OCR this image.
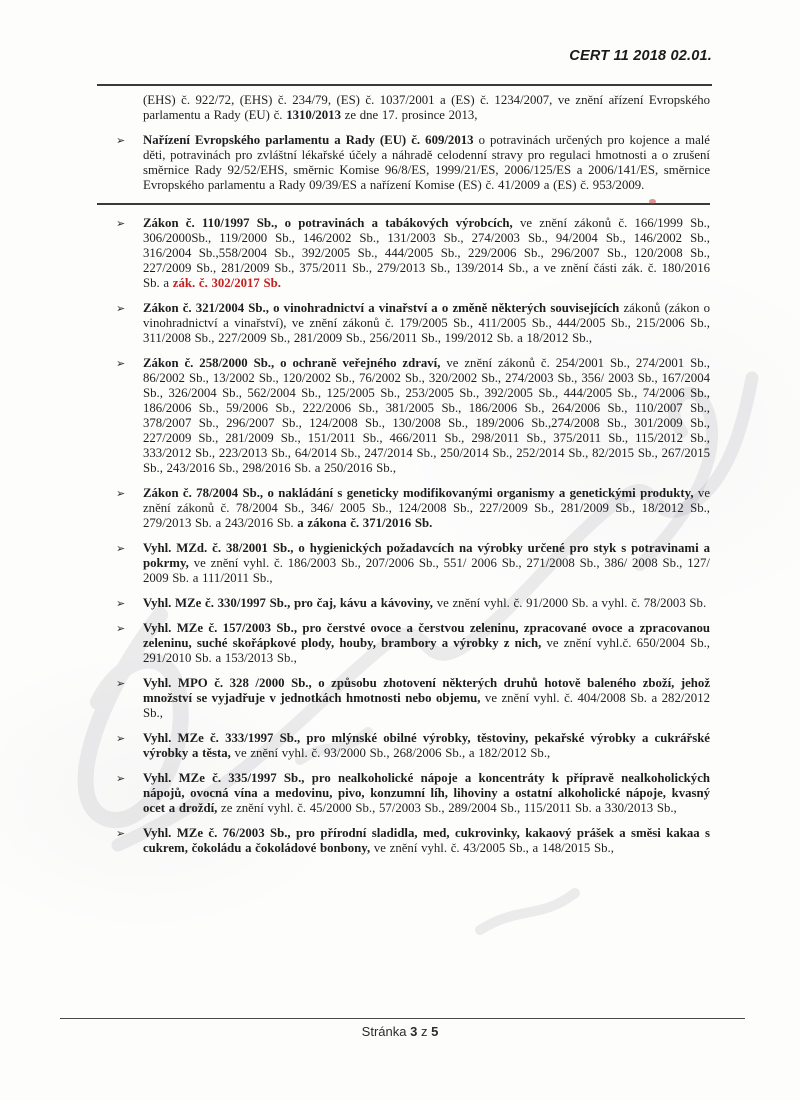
CERT 11 2018 02.01.
(EHS) č. 922/72, (EHS) č. 234/79, (ES) č. 1037/2001 a (ES) č. 1234/2007, ve znění ařízení Evropského parlamentu a Rady (EU) č. 1310/2013 ze dne 17. prosince 2013,
➢ Nařízení Evropského parlamentu a Rady (EU) č. 609/2013 o potravinách určených pro kojence a malé děti, potravinách pro zvláštní lékařské účely a náhradě celodenní stravy pro regulaci hmotnosti a o zrušení směrnice Rady 92/52/EHS, směrnic Komise 96/8/ES, 1999/21/ES, 2006/125/ES a 2006/141/ES, směrnice Evropského parlamentu a Rady 09/39/ES a nařízení Komise (ES) č. 41/2009 a (ES) č. 953/2009.
➢ Zákon č. 110/1997 Sb., o potravinách a tabákových výrobcích, ve znění zákonů č. 166/1999 Sb., 306/2000Sb., 119/2000 Sb., 146/2002 Sb., 131/2003 Sb., 274/2003 Sb., 94/2004 Sb., 146/2002 Sb., 316/2004 Sb.,558/2004 Sb., 392/2005 Sb., 444/2005 Sb., 229/2006 Sb., 296/2007 Sb., 120/2008 Sb., 227/2009 Sb., 281/2009 Sb., 375/2011 Sb., 279/2013 Sb., 139/2014 Sb., a ve znění části zák. č. 180/2016 Sb. a zák. č. 302/2017 Sb.
➢ Zákon č. 321/2004 Sb., o vinohradnictví a vinařství a o změně některých souvisejících zákonů (zákon o vinohradnictví a vinařství), ve znění zákonů č. 179/2005 Sb., 411/2005 Sb., 444/2005 Sb., 215/2006 Sb., 311/2008 Sb., 227/2009 Sb., 281/2009 Sb., 256/2011 Sb., 199/2012 Sb. a 18/2012 Sb.,
➢ Zákon č. 258/2000 Sb., o ochraně veřejného zdraví, ve znění zákonů č. 254/2001 Sb., 274/2001 Sb., 86/2002 Sb., 13/2002 Sb., 120/2002 Sb., 76/2002 Sb., 320/2002 Sb., 274/2003 Sb., 356/ 2003 Sb., 167/2004 Sb., 326/2004 Sb., 562/2004 Sb., 125/2005 Sb., 253/2005 Sb., 392/2005 Sb., 444/2005 Sb., 74/2006 Sb., 186/2006 Sb., 59/2006 Sb., 222/2006 Sb., 381/2005 Sb., 186/2006 Sb., 264/2006 Sb., 110/2007 Sb., 378/2007 Sb., 296/2007 Sb., 124/2008 Sb., 130/2008 Sb., 189/2006 Sb.,274/2008 Sb., 301/2009 Sb., 227/2009 Sb., 281/2009 Sb., 151/2011 Sb., 466/2011 Sb., 298/2011 Sb., 375/2011 Sb., 115/2012 Sb., 333/2012 Sb., 223/2013 Sb., 64/2014 Sb., 247/2014 Sb., 250/2014 Sb., 252/2014 Sb., 82/2015 Sb., 267/2015 Sb., 243/2016 Sb., 298/2016 Sb. a 250/2016 Sb.,
➢ Zákon č. 78/2004 Sb., o nakládání s geneticky modifikovanými organismy a genetickými produkty, ve znění zákonů č. 78/2004 Sb., 346/ 2005 Sb., 124/2008 Sb., 227/2009 Sb., 281/2009 Sb., 18/2012 Sb., 279/2013 Sb. a 243/2016 Sb. a zákona č. 371/2016 Sb.
➢ Vyhl. MZd. č. 38/2001 Sb., o hygienických požadavcích na výrobky určené pro styk s potravinami a pokrmy, ve znění vyhl. č. 186/2003 Sb., 207/2006 Sb., 551/ 2006 Sb., 271/2008 Sb., 386/ 2008 Sb., 127/ 2009 Sb. a 111/2011 Sb.,
➢ Vyhl. MZe č. 330/1997 Sb., pro čaj, kávu a kávoviny, ve znění vyhl. č. 91/2000 Sb. a vyhl. č. 78/2003 Sb.
➢ Vyhl. MZe č. 157/2003 Sb., pro čerstvé ovoce a čerstvou zeleninu, zpracované ovoce a zpracovanou zeleninu, suché skořápkové plody, houby, brambory a výrobky z nich, ve znění vyhl.č. 650/2004 Sb., 291/2010 Sb. a 153/2013 Sb.,
➢ Vyhl. MPO č. 328 /2000 Sb., o způsobu zhotovení některých druhů hotově baleného zboží, jehož množství se vyjadřuje v jednotkách hmotnosti nebo objemu, ve znění vyhl. č. 404/2008 Sb. a 282/2012 Sb.,
➢ Vyhl. MZe č. 333/1997 Sb., pro mlýnské obilné výrobky, těstoviny, pekařské výrobky a cukrářské výrobky a těsta, ve znění vyhl. č. 93/2000 Sb., 268/2006 Sb., a 182/2012 Sb.,
➢ Vyhl. MZe č. 335/1997 Sb., pro nealkoholické nápoje a koncentráty k přípravě nealkoholických nápojů, ovocná vína a medovinu, pivo, konzumní líh, lihoviny a ostatní alkoholické nápoje, kvasný ocet a droždí, ze znění vyhl. č. 45/2000 Sb., 57/2003 Sb., 289/2004 Sb., 115/2011 Sb. a 330/2013 Sb.,
➢ Vyhl. MZe č. 76/2003 Sb., pro přírodní sladidla, med, cukrovinky, kakaový prášek a směsi kakaa s cukrem, čokoládu a čokoládové bonbony, ve znění vyhl. č. 43/2005 Sb., a 148/2015 Sb.,
Stránka 3 z 5
